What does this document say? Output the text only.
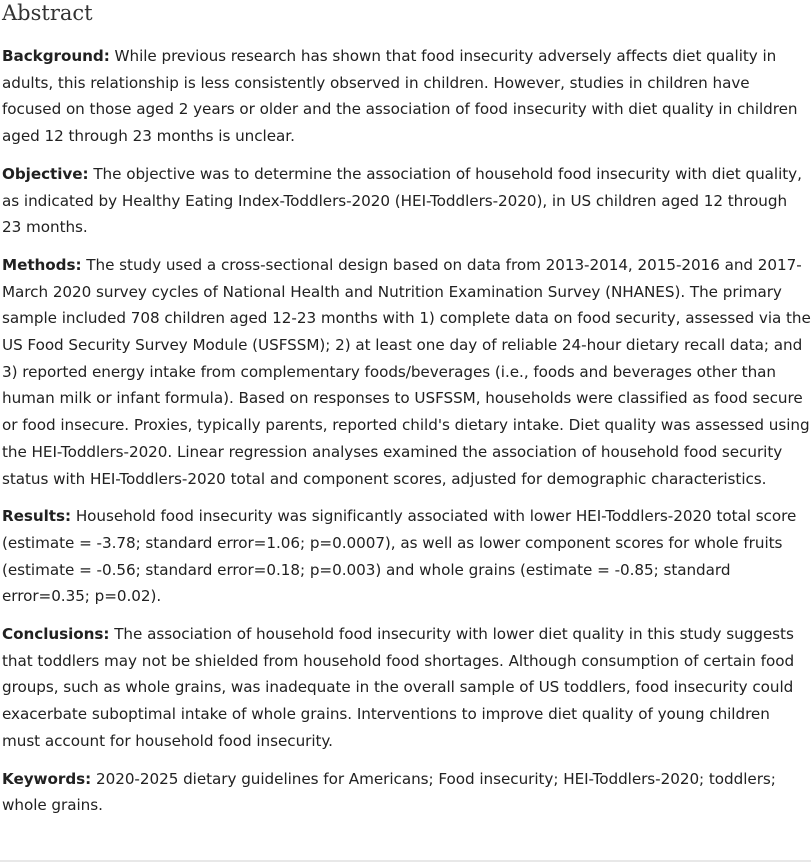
Abstract

Background: While previous research has shown that food insecurity adversely affects diet quality in adults, this relationship is less consistently observed in children. However, studies in children have focused on those aged 2 years or older and the association of food insecurity with diet quality in children aged 12 through 23 months is unclear.

Objective: The objective was to determine the association of household food insecurity with diet quality, as indicated by Healthy Eating Index-Toddlers-2020 (HEI-Toddlers-2020), in US children aged 12 through 23 months.

Methods: The study used a cross-sectional design based on data from 2013-2014, 2015-2016 and 2017-March 2020 survey cycles of National Health and Nutrition Examination Survey (NHANES). The primary sample included 708 children aged 12-23 months with 1) complete data on food security, assessed via the US Food Security Survey Module (USFSSM); 2) at least one day of reliable 24-hour dietary recall data; and 3) reported energy intake from complementary foods/beverages (i.e., foods and beverages other than human milk or infant formula). Based on responses to USFSSM, households were classified as food secure or food insecure. Proxies, typically parents, reported child's dietary intake. Diet quality was assessed using the HEI-Toddlers-2020. Linear regression analyses examined the association of household food security status with HEI-Toddlers-2020 total and component scores, adjusted for demographic characteristics.

Results: Household food insecurity was significantly associated with lower HEI-Toddlers-2020 total score (estimate = -3.78; standard error=1.06; p=0.0007), as well as lower component scores for whole fruits (estimate = -0.56; standard error=0.18; p=0.003) and whole grains (estimate = -0.85; standard error=0.35; p=0.02).

Conclusions: The association of household food insecurity with lower diet quality in this study suggests that toddlers may not be shielded from household food shortages. Although consumption of certain food groups, such as whole grains, was inadequate in the overall sample of US toddlers, food insecurity could exacerbate suboptimal intake of whole grains. Interventions to improve diet quality of young children must account for household food insecurity.

Keywords: 2020-2025 dietary guidelines for Americans; Food insecurity; HEI-Toddlers-2020; toddlers; whole grains.
